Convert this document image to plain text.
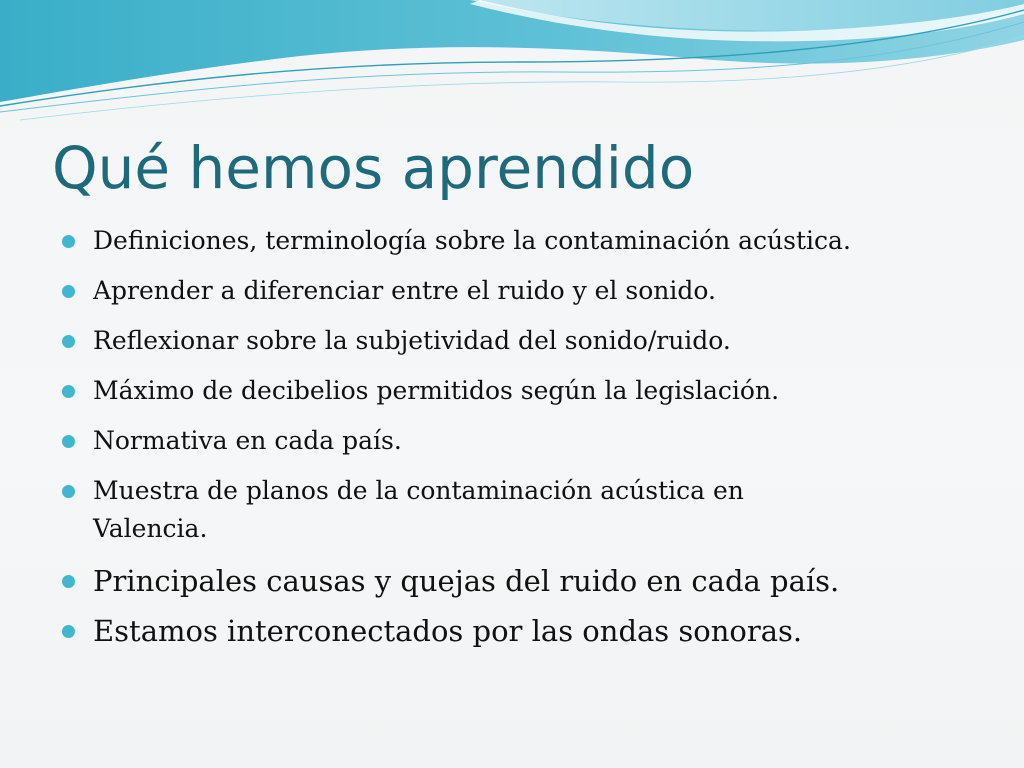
Qué hemos aprendido
Definiciones, terminología sobre la contaminación acústica.
Aprender a diferenciar entre el ruido y el sonido.
Reflexionar sobre la subjetividad del sonido/ruido.
Máximo de decibelios permitidos según la legislación.
Normativa en cada país.
Muestra de planos de la contaminación acústica en Valencia.
Principales causas y quejas del ruido en cada país.
Estamos interconectados por las ondas sonoras.
